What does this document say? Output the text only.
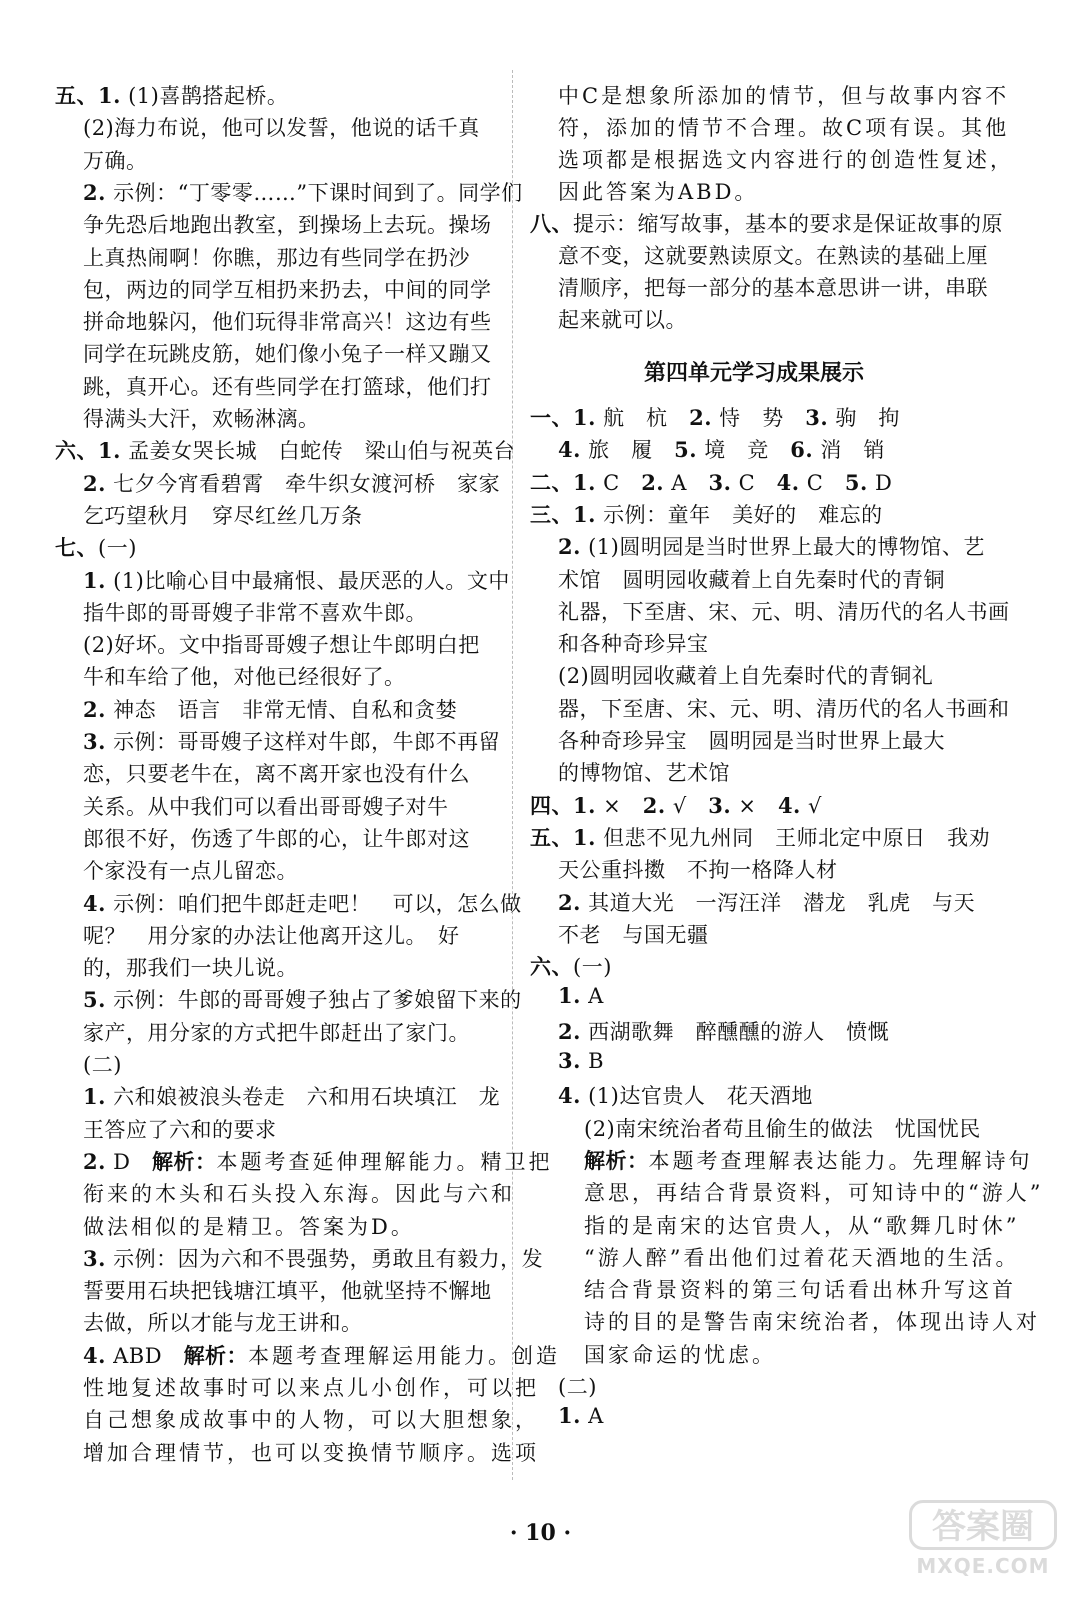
五、1. (1)喜鹊搭起桥。
(2)海力布说，他可以发誓，他说的话千真
万确。
2. 示例：“丁零零……”下课时间到了。同学们
争先恐后地跑出教室，到操场上去玩。操场
上真热闹啊！你瞧，那边有些同学在扔沙
包，两边的同学互相扔来扔去，中间的同学
拼命地躲闪，他们玩得非常高兴！这边有些
同学在玩跳皮筋，她们像小兔子一样又蹦又
跳，真开心。还有些同学在打篮球，他们打
得满头大汗，欢畅淋漓。
六、1. 孟姜女哭长城　白蛇传　梁山伯与祝英台
2. 七夕今宵看碧霄　牵牛织女渡河桥　家家
乞巧望秋月　穿尽红丝几万条
七、(一)
1. (1)比喻心目中最痛恨、最厌恶的人。文中
指牛郎的哥哥嫂子非常不喜欢牛郎。
(2)好坏。文中指哥哥嫂子想让牛郎明白把
牛和车给了他，对他已经很好了。
2. 神态　语言　非常无情、自私和贪婪
3. 示例：哥哥嫂子这样对牛郎，牛郎不再留
恋，只要老牛在，离不离开家也没有什么
关系。从中我们可以看出哥哥嫂子对牛
郎很不好，伤透了牛郎的心，让牛郎对这
个家没有一点儿留恋。
4. 示例：咱们把牛郎赶走吧！　可以，怎么做
呢？　用分家的办法让他离开这儿。　好
的，那我们一块儿说。
5. 示例：牛郎的哥哥嫂子独占了爹娘留下来的
家产，用分家的方式把牛郎赶出了家门。
(二)
1. 六和娘被浪头卷走　六和用石块填江　龙
王答应了六和的要求
2. D　解析：本题考查延伸理解能力。精卫把
衔来的木头和石头投入东海。因此与六和
做法相似的是精卫。答案为D。
3. 示例：因为六和不畏强势，勇敢且有毅力，发
誓要用石块把钱塘江填平，他就坚持不懈地
去做，所以才能与龙王讲和。
4. ABD　解析：本题考查理解运用能力。创造
性地复述故事时可以来点儿小创作，可以把
自己想象成故事中的人物，可以大胆想象，
增加合理情节，也可以变换情节顺序。选项
中C是想象所添加的情节，但与故事内容不
符，添加的情节不合理。故C项有误。其他
选项都是根据选文内容进行的创造性复述，
因此答案为ABD。
八、提示：缩写故事，基本的要求是保证故事的原
意不变，这就要熟读原文。在熟读的基础上厘
清顺序，把每一部分的基本意思讲一讲，串联
起来就可以。
第四单元学习成果展示
一、1. 航　杭　2. 恃　势　3. 驹　拘
4. 旅　履　5. 境　竞　6. 消　销
二、1. C　2. A　3. C　4. C　5. D
三、1. 示例：童年　美好的　难忘的
2. (1)圆明园是当时世界上最大的博物馆、艺
术馆　圆明园收藏着上自先秦时代的青铜
礼器，下至唐、宋、元、明、清历代的名人书画
和各种奇珍异宝
(2)圆明园收藏着上自先秦时代的青铜礼
器，下至唐、宋、元、明、清历代的名人书画和
各种奇珍异宝　圆明园是当时世界上最大
的博物馆、艺术馆
四、1. ×　2. √　3. ×　4. √
五、1. 但悲不见九州同　王师北定中原日　我劝
天公重抖擞　不拘一格降人材
2. 其道大光　一泻汪洋　潜龙　乳虎　与天
不老　与国无疆
六、(一)
1. A
2. 西湖歌舞　醉醺醺的游人　愤慨
3. B
4. (1)达官贵人　花天酒地
(2)南宋统治者苟且偷生的做法　忧国忧民
解析：本题考查理解表达能力。先理解诗句
意思，再结合背景资料，可知诗中的“游人”
指的是南宋的达官贵人，从“歌舞几时休”
“游人醉”看出他们过着花天酒地的生活。
结合背景资料的第三句话看出林升写这首
诗的目的是警告南宋统治者，体现出诗人对
国家命运的忧虑。
(二)
1. A
· 10 ·	答案圈
MXQE.COM
